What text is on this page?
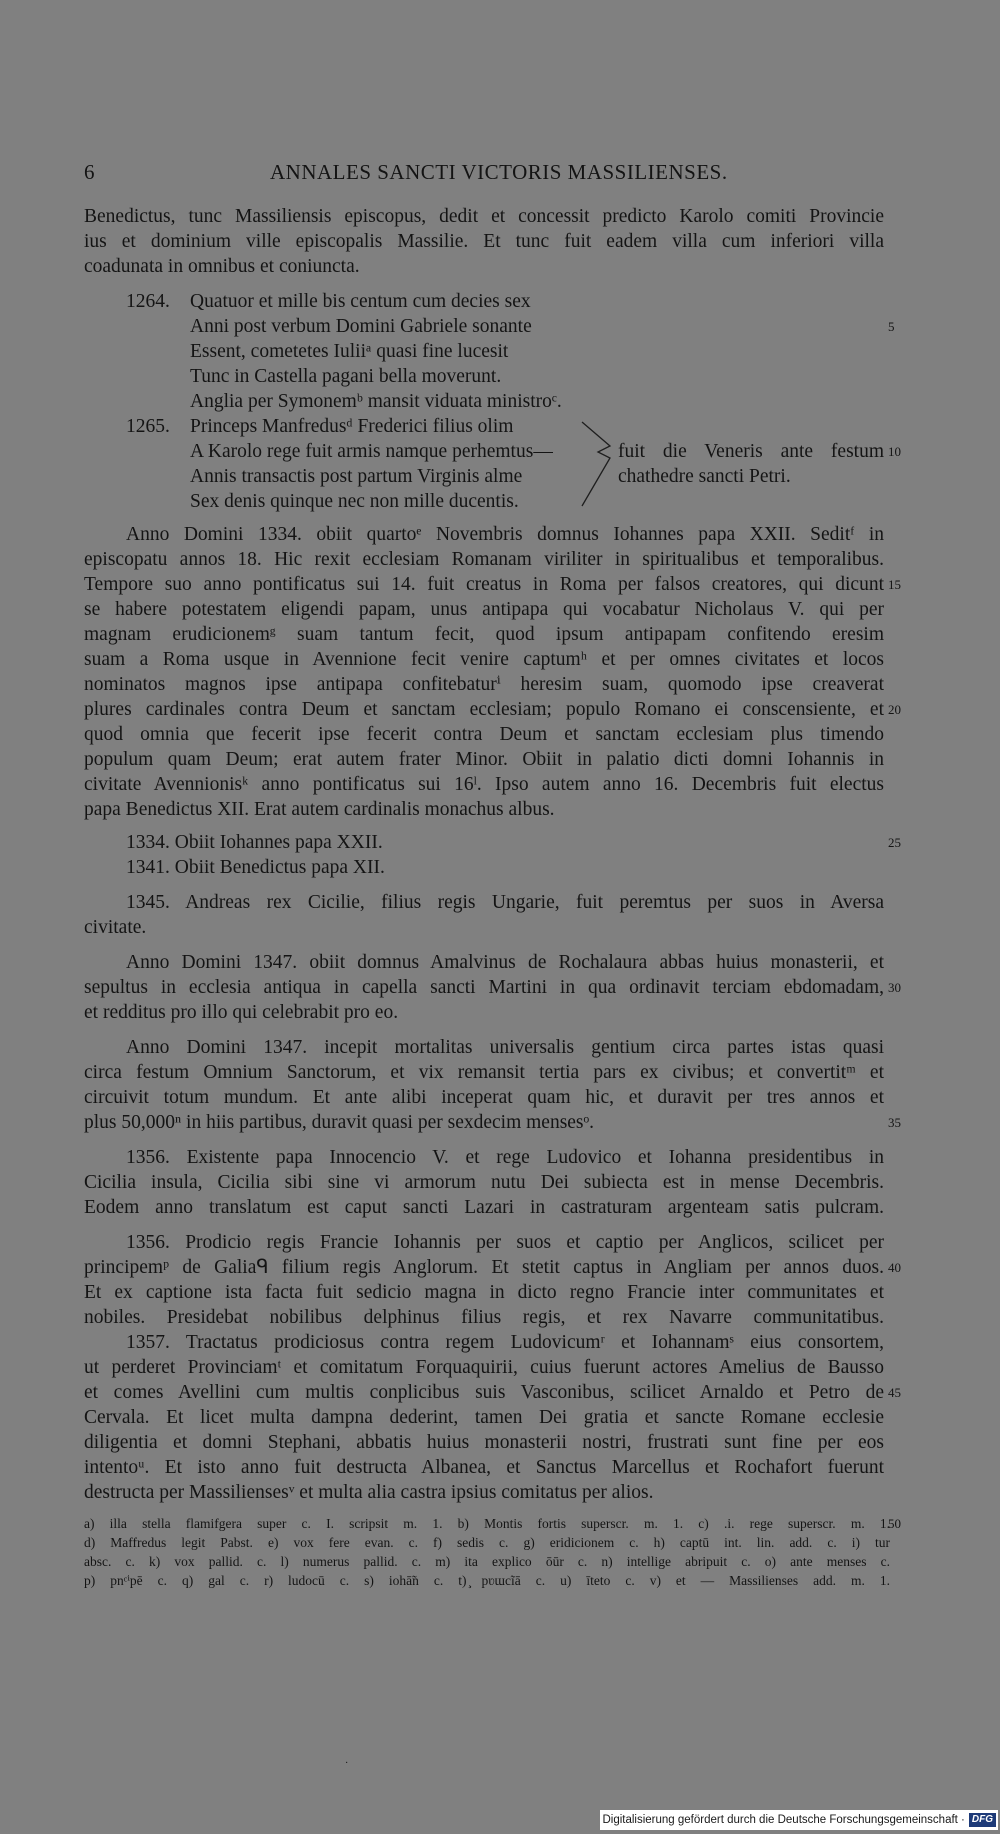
6	ANNALES SANCTI VICTORIS MASSILIENSES.
Benedictus, tunc Massiliensis episcopus, dedit et concessit predicto Karolo comiti Provincie
ius et dominium ville episcopalis Massilie. Et tunc fuit eadem villa cum inferiori villa
coadunata in omnibus et coniuncta.
1264.	Quatuor et mille bis centum cum decies sex
Anni post verbum Domini Gabriele sonante
Essent, cometetes Iuliiᵃ quasi fine lucesit
Tunc in Castella pagani bella moverunt.
Anglia per Symonemᵇ mansit viduata ministroᶜ.
1265.	Princeps Manfredusᵈ Frederici filius olim
A Karolo rege fuit armis namque perhemtus—
Annis transactis post partum Virginis alme
Sex denis quinque nec non mille ducentis.
fuit die Veneris ante festum
chathedre sancti Petri.
Anno Domini 1334. obiit quartoᵉ Novembris domnus Iohannes papa XXII. Seditᶠ in
episcopatu annos 18. Hic rexit ecclesiam Romanam viriliter in spiritualibus et temporalibus.
Tempore suo anno pontificatus sui 14. fuit creatus in Roma per falsos creatores, qui dicunt
se habere potestatem eligendi papam, unus antipapa qui vocabatur Nicholaus V. qui per
magnam erudicionemᵍ suam tantum fecit, quod ipsum antipapam confitendo eresim
suam a Roma usque in Avennione fecit venire captumʰ et per omnes civitates et locos
nominatos magnos ipse antipapa confitebaturⁱ heresim suam, quomodo ipse creaverat
plures cardinales contra Deum et sanctam ecclesiam; populo Romano ei conscensiente, et
quod omnia que fecerit ipse fecerit contra Deum et sanctam ecclesiam plus timendo
populum quam Deum; erat autem frater Minor. Obiit in palatio dicti domni Iohannis in
civitate Avennionisᵏ anno pontificatus sui 16ˡ. Ipso autem anno 16. Decembris fuit electus
papa Benedictus XII. Erat autem cardinalis monachus albus.
1334. Obiit Iohannes papa XXII.
1341. Obiit Benedictus papa XII.
1345. Andreas rex Cicilie, filius regis Ungarie, fuit peremtus per suos in Aversa
civitate.
Anno Domini 1347. obiit domnus Amalvinus de Rochalaura abbas huius monasterii, et
sepultus in ecclesia antiqua in capella sancti Martini in qua ordinavit terciam ebdomadam,
et redditus pro illo qui celebrabit pro eo.
Anno Domini 1347. incepit mortalitas universalis gentium circa partes istas quasi
circa festum Omnium Sanctorum, et vix remansit tertia pars ex civibus; et convertitᵐ et
circuivit totum mundum. Et ante alibi inceperat quam hic, et duravit per tres annos et
plus 50,000ⁿ in hiis partibus, duravit quasi per sexdecim mensesᵒ.
1356. Existente papa Innocencio V. et rege Ludovico et Iohanna presidentibus in
Cicilia insula, Cicilia sibi sine vi armorum nutu Dei subiecta est in mense Decembris.
Eodem anno translatum est caput sancti Lazari in castraturam argenteam satis pulcram.
1356. Prodicio regis Francie Iohannis per suos et captio per Anglicos, scilicet per
principemᵖ de Galiaᑫ filium regis Anglorum. Et stetit captus in Angliam per annos duos.
Et ex captione ista facta fuit sedicio magna in dicto regno Francie inter communitates et
nobiles. Presidebat nobilibus delphinus filius regis, et rex Navarre communitatibus.
1357. Tractatus prodiciosus contra regem Ludovicumʳ et Iohannamˢ eius consortem,
ut perderet Provinciamᵗ et comitatum Forquaquirii, cuius fuerunt actores Amelius de Bausso
et comes Avellini cum multis conplicibus suis Vasconibus, scilicet Arnaldo et Petro de
Cervala. Et licet multa dampna dederint, tamen Dei gratia et sancte Romane ecclesie
diligentia et domni Stephani, abbatis huius monasterii nostri, frustrati sunt fine per eos
intentoᵘ. Et isto anno fuit destructa Albanea, et Sanctus Marcellus et Rochafort fuerunt
destructa per Massiliensesᵛ et multa alia castra ipsius comitatus per alios.
5
10
15
20
25
30
35
40
45
50
a) illa stella flamifgera super c. I. scripsit m. 1. b) Montis fortis superscr. m. 1. c) .i. rege superscr. m. 1.
d) Maffredus legit Pabst. e) vox fere evan. c. f) sedis c. g) eridicionem c. h) captū int. lin. add. c. i) tur
absc. c. k) vox pallid. c. l) numerus pallid. c. m) ita explico ōūr c. n) intellige abripuit c. o) ante menses c.
p) pnᶜⁱpē c. q) gal c. r) ludocū c. s) iohā̃n c. t) ̧pʋɯcĩā c. u) īteto c. v) et — Massilienses add. m. 1.
·
Digitalisierung gefördert durch die Deutsche Forschungsgemeinschaft · DFG
